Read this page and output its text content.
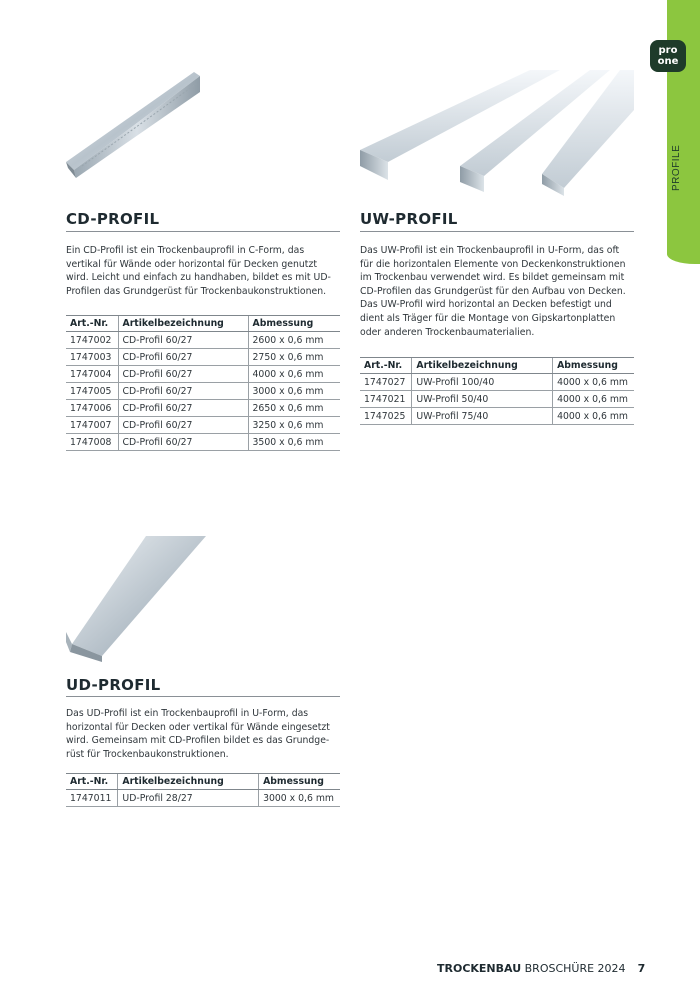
pro
one
PROFILE
CD-PROFIL
Ein CD-Profil ist ein Trockenbauprofil in C-Form, das
vertikal für Wände oder horizontal für Decken genutzt
wird. Leicht und einfach zu handhaben, bildet es mit UD-
Profilen das Grundgerüst für Trockenbaukonstruktionen.
Art.-Nr.	Artikelbezeichnung	Abmessung
1747002	CD-Profil 60/27	2600 x 0,6 mm
1747003	CD-Profil 60/27	2750 x 0,6 mm
1747004	CD-Profil 60/27	4000 x 0,6 mm
1747005	CD-Profil 60/27	3000 x 0,6 mm
1747006	CD-Profil 60/27	2650 x 0,6 mm
1747007	CD-Profil 60/27	3250 x 0,6 mm
1747008	CD-Profil 60/27	3500 x 0,6 mm
UW-PROFIL
Das UW-Profil ist ein Trockenbauprofil in U-Form, das oft
für die horizontalen Elemente von Deckenkonstruktionen
im Trockenbau verwendet wird. Es bildet gemeinsam mit
CD-Profilen das Grundgerüst für den Aufbau von Decken.
Das UW-Profil wird horizontal an Decken befestigt und
dient als Träger für die Montage von Gipskartonplatten
oder anderen Trockenbaumaterialien.
Art.-Nr.	Artikelbezeichnung	Abmessung
1747027	UW-Profil 100/40	4000 x 0,6 mm
1747021	UW-Profil 50/40	4000 x 0,6 mm
1747025	UW-Profil 75/40	4000 x 0,6 mm
UD-PROFIL
Das UD-Profil ist ein Trockenbauprofil in U-Form, das
horizontal für Decken oder vertikal für Wände eingesetzt
wird. Gemeinsam mit CD-Profilen bildet es das Grundge-
rüst für Trockenbaukonstruktionen.
Art.-Nr.	Artikelbezeichnung	Abmessung
1747011	UD-Profil 28/27	3000 x 0,6 mm
TROCKENBAU BROSCHÜRE 2024 7
